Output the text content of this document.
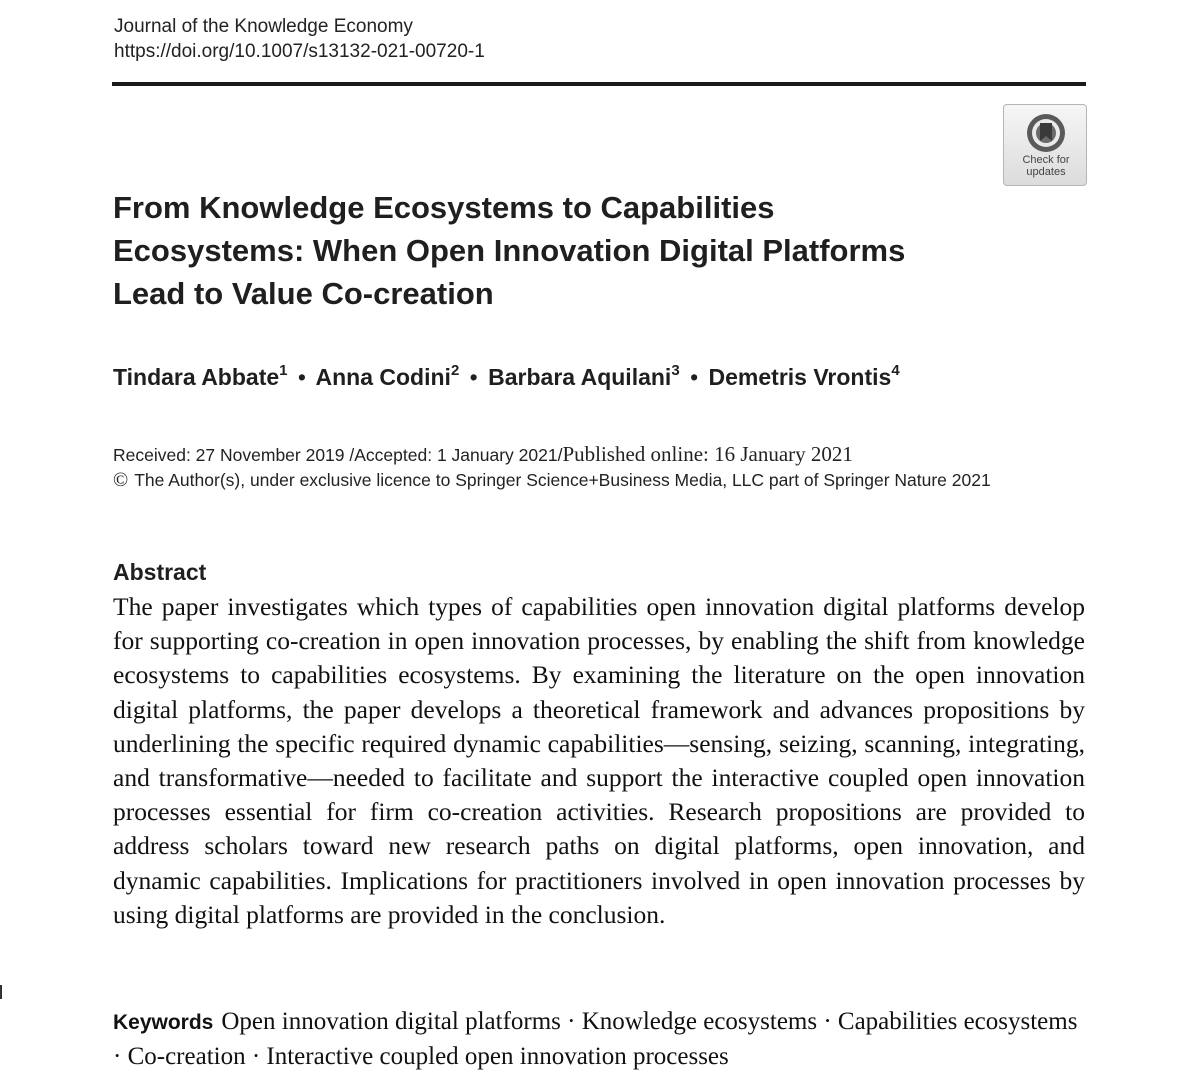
Journal of the Knowledge Economy
https://doi.org/10.1007/s13132-021-00720-1
Check for
updates
From Knowledge Ecosystems to Capabilities
Ecosystems: When Open Innovation Digital Platforms
Lead to Value Co-creation
Tindara Abbate$^1$ • Anna Codini$^2$ • Barbara Aquilani$^3$ • Demetris Vrontis$^4$
Received: 27 November 2019 /Accepted: 1 January 2021/Published online: 16 January 2021
© The Author(s), under exclusive licence to Springer Science+Business Media, LLC part of Springer Nature 2021
Abstract

The paper investigates which types of capabilities open innovation digital platforms develop for supporting co-creation in open innovation processes, by enabling the shift from knowledge ecosystems to capabilities ecosystems. By examining the literature on the open innovation digital platforms, the paper develops a theoretical framework and advances propositions by underlining the specific required dynamic capabilities—sensing, seizing, scanning, integrating, and transformative—needed to facilitate and support the interactive coupled open innovation processes essential for firm co-creation activities. Research propositions are provided to address scholars toward new research paths on digital platforms, open innovation, and dynamic capabilities. Implications for practitioners involved in open innovation processes by using digital platforms are provided in the conclusion.

Keywords Open innovation digital platforms · Knowledge ecosystems · Capabilities ecosystems · Co-creation · Interactive coupled open innovation processes
